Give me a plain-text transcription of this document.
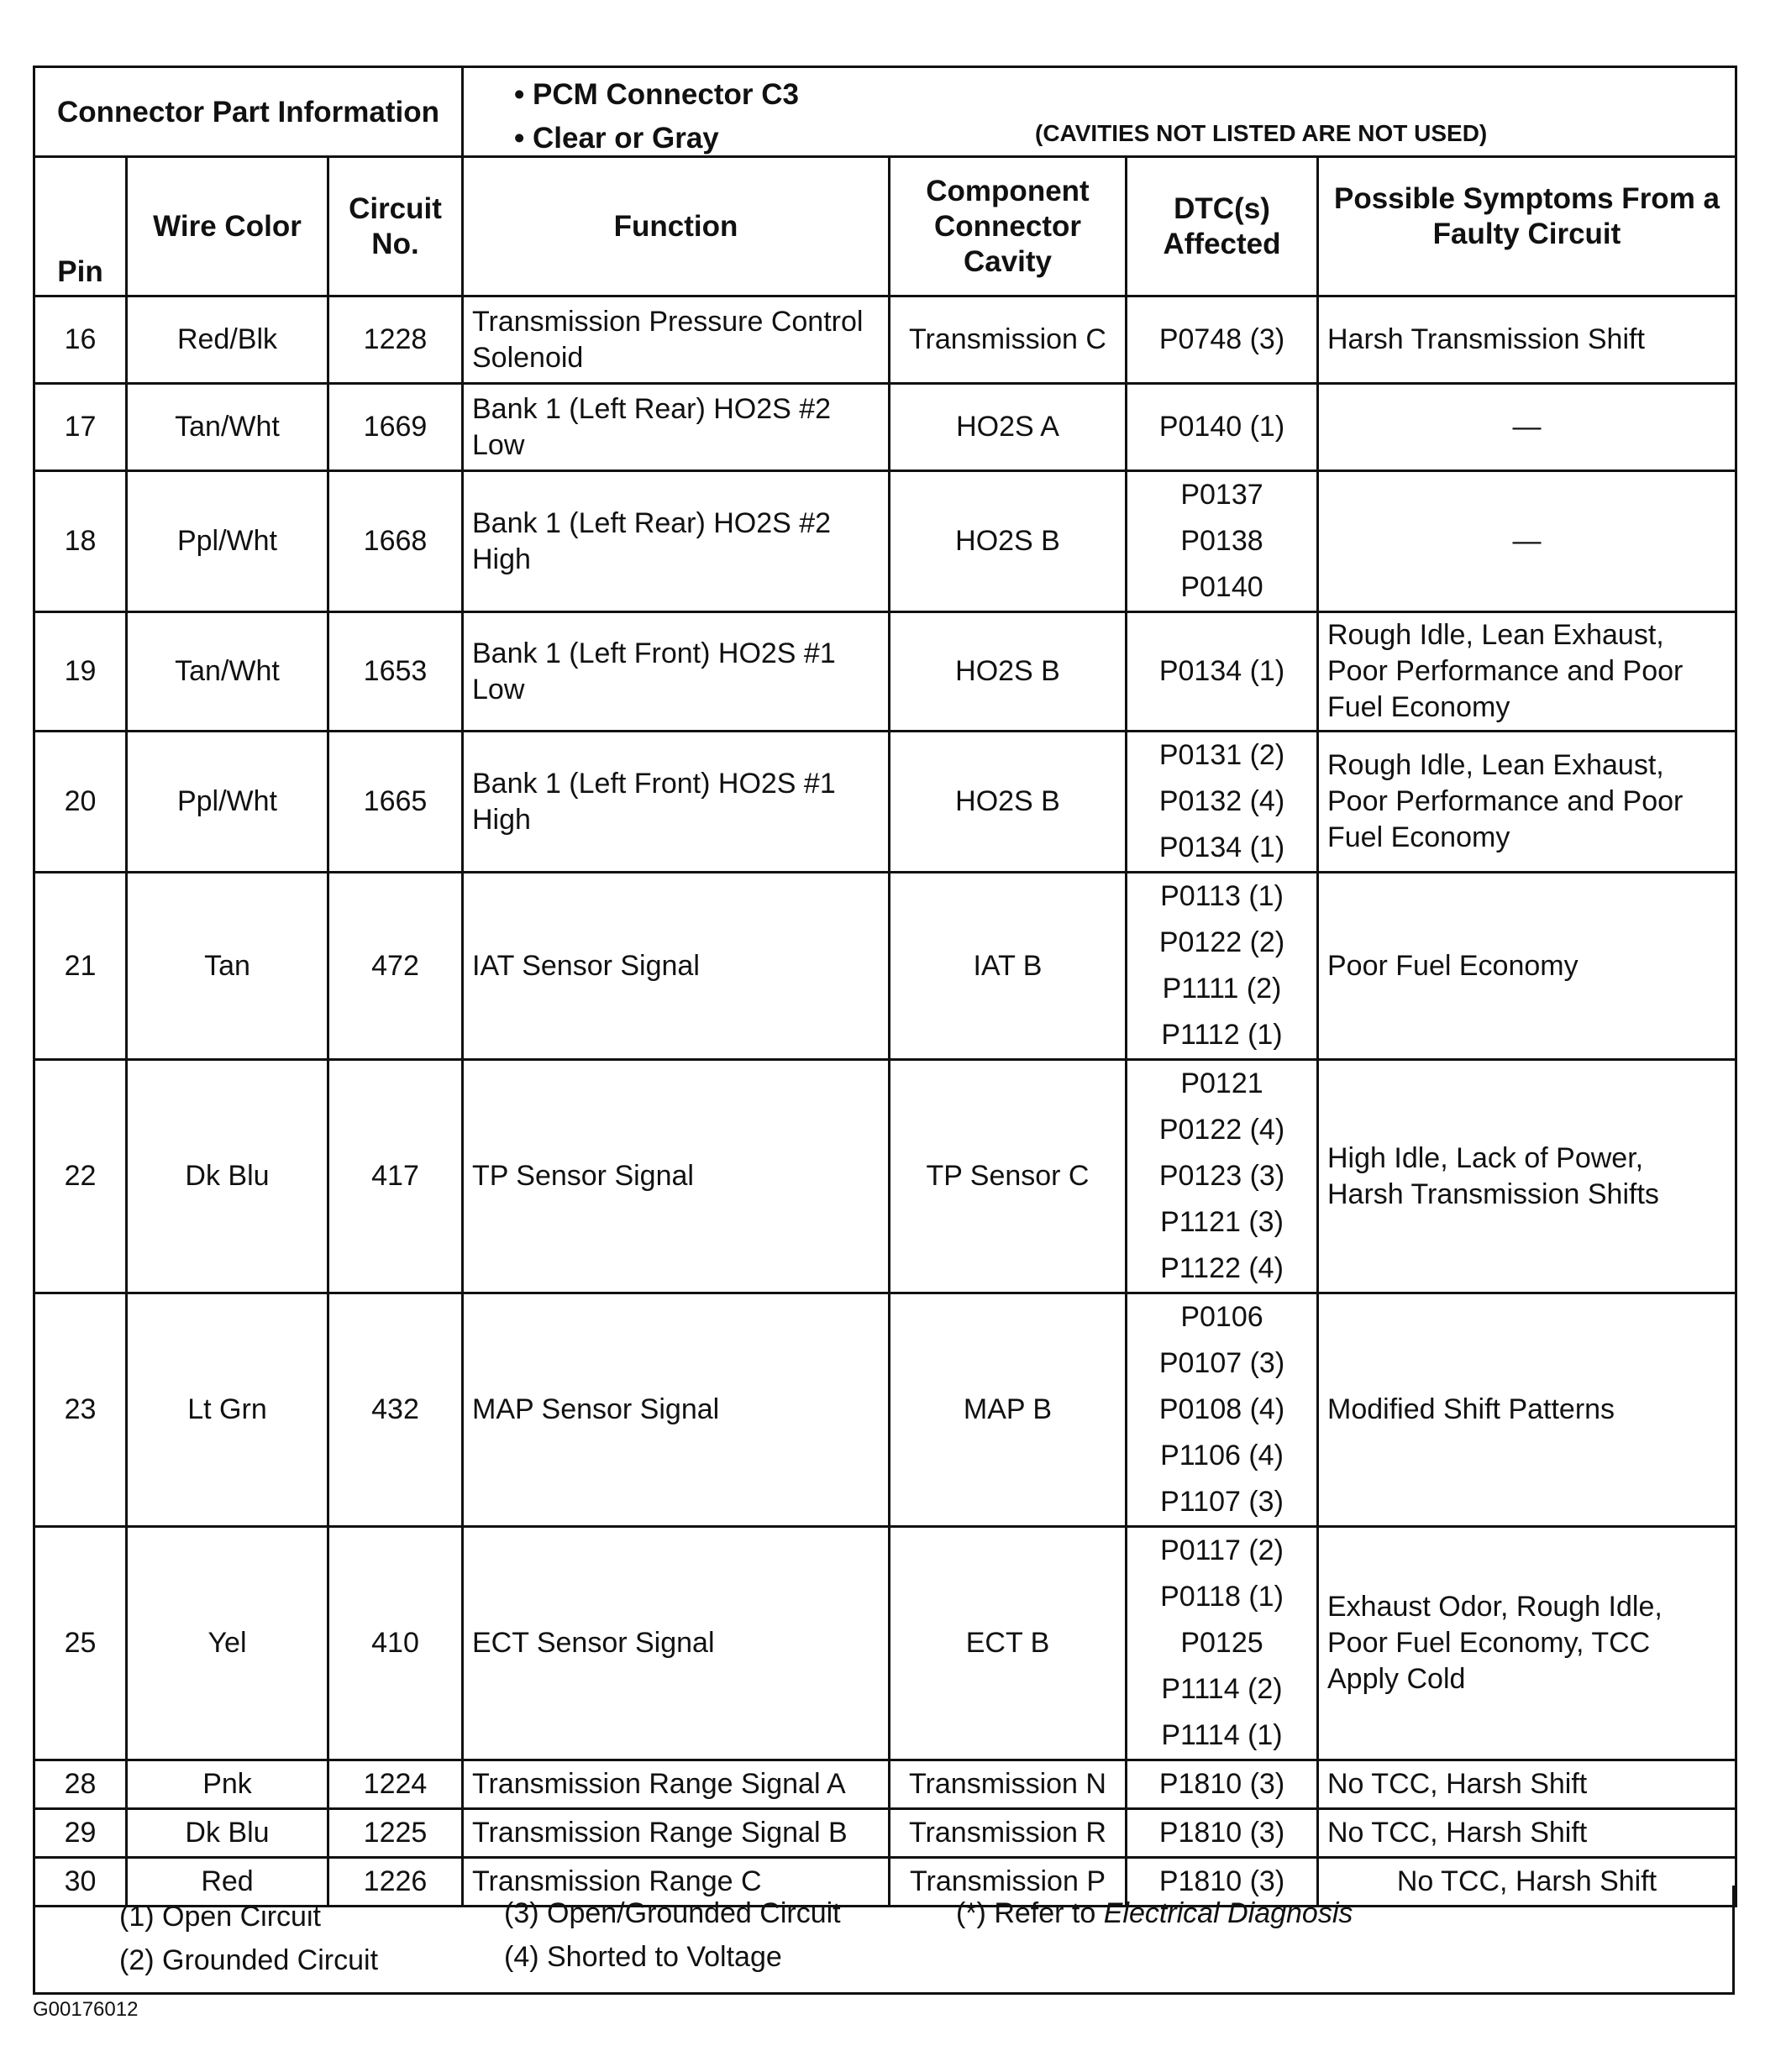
Connector Part Information			• PCM Connector C3
• Clear or Gray (CAVITIES NOT LISTED ARE NOT USED)			

Pin	Wire Color	Circuit No.	Function	Component Connector Cavity	DTC(s) Affected	Possible Symptoms From a Faulty Circuit
16	Red/Blk	1228	Transmission Pressure Control Solenoid	Transmission C	P0748 (3)	Harsh Transmission Shift
17	Tan/Wht	1669	Bank 1 (Left Rear) HO2S #2 Low	HO2S A	P0140 (1)	—
18	Ppl/Wht	1668	Bank 1 (Left Rear) HO2S #2 High	HO2S B	P0137
P0138
P0140	—
19	Tan/Wht	1653	Bank 1 (Left Front) HO2S #1 Low	HO2S B	P0134 (1)	Rough Idle, Lean Exhaust, Poor Performance and Poor Fuel Economy
20	Ppl/Wht	1665	Bank 1 (Left Front) HO2S #1 High	HO2S B	P0131 (2)
P0132 (4)
P0134 (1)	Rough Idle, Lean Exhaust, Poor Performance and Poor Fuel Economy
21	Tan	472	IAT Sensor Signal	IAT B	P0113 (1)
P0122 (2)
P1111 (2)
P1112 (1)	Poor Fuel Economy
22	Dk Blu	417	TP Sensor Signal	TP Sensor C	P0121
P0122 (4)
P0123 (3)
P1121 (3)
P1122 (4)	High Idle, Lack of Power, Harsh Transmission Shifts
23	Lt Grn	432	MAP Sensor Signal	MAP B	P0106
P0107 (3)
P0108 (4)
P1106 (4)
P1107 (3)	Modified Shift Patterns
25	Yel	410	ECT Sensor Signal	ECT B	P0117 (2)
P0118 (1)
P0125
P1114 (2)
P1114 (1)	Exhaust Odor, Rough Idle, Poor Fuel Economy, TCC Apply Cold
28	Pnk	1224	Transmission Range Signal A	Transmission N	P1810 (3)	No TCC, Harsh Shift
29	Dk Blu	1225	Transmission Range Signal B	Transmission R	P1810 (3)	No TCC, Harsh Shift
30	Red	1226	Transmission Range C	Transmission P	P1810 (3)	No TCC, Harsh Shift
(1) Open Circuit
(2) Grounded Circuit
(3) Open/Grounded Circuit
(4) Shorted to Voltage
(*) Refer to Electrical Diagnosis
G00176012
